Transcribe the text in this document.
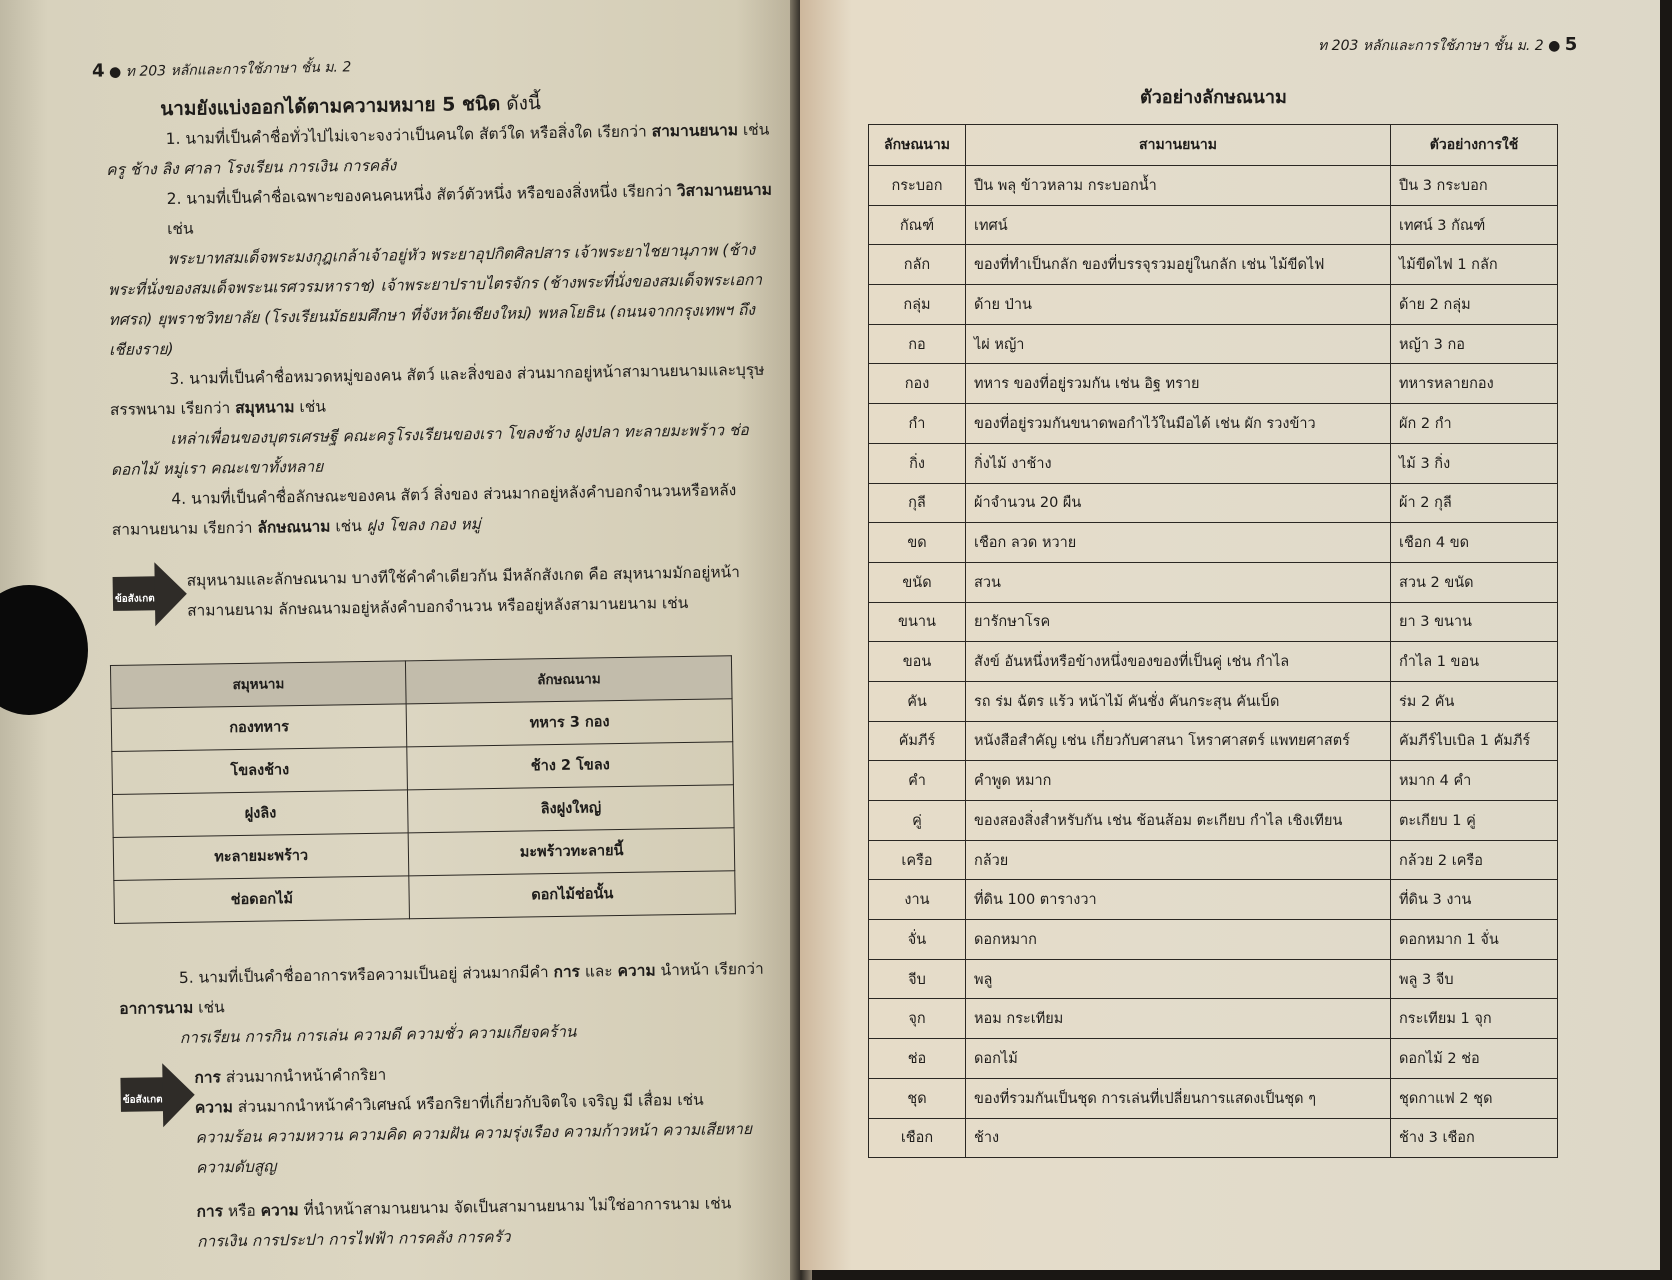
4 ● ท 203 หลักและการใช้ภาษา ชั้น ม. 2

นามยังแบ่งออกได้ตามความหมาย 5 ชนิด ดังนี้

1. นามที่เป็นคำชื่อทั่วไปไม่เจาะจงว่าเป็นคนใด สัตว์ใด หรือสิ่งใด เรียกว่า สามานยนาม เช่น

ครู ช้าง ลิง ศาลา โรงเรียน การเงิน การคลัง

2. นามที่เป็นคำชื่อเฉพาะของคนคนหนึ่ง สัตว์ตัวหนึ่ง หรือของสิ่งหนึ่ง เรียกว่า วิสามานยนาม เช่น

พระบาทสมเด็จพระมงกุฎเกล้าเจ้าอยู่หัว พระยาอุปกิตศิลปสาร เจ้าพระยาไชยานุภาพ (ช้างพระที่นั่งของสมเด็จพระนเรศวรมหาราช) เจ้าพระยาปราบไตรจักร (ช้างพระที่นั่งของสมเด็จพระเอกาทศรถ) ยุพราชวิทยาลัย (โรงเรียนมัธยมศึกษา ที่จังหวัดเชียงใหม่) พหลโยธิน (ถนนจากกรุงเทพฯ ถึงเชียงราย)

3. นามที่เป็นคำชื่อหมวดหมู่ของคน สัตว์ และสิ่งของ ส่วนมากอยู่หน้าสามานยนามและบุรุษสรรพนาม เรียกว่า สมุหนาม เช่น

เหล่าเพื่อนของบุตรเศรษฐี คณะครูโรงเรียนของเรา โขลงช้าง ฝูงปลา ทะลายมะพร้าว ช่อดอกไม้ หมู่เรา คณะเขาทั้งหลาย

4. นามที่เป็นคำชื่อลักษณะของคน สัตว์ สิ่งของ ส่วนมากอยู่หลังคำบอกจำนวนหรือหลังสามานยนาม เรียกว่า ลักษณนาม เช่น ฝูง โขลง กอง หมู่

ข้อสังเกต

สมุหนามและลักษณนาม บางทีใช้คำคำเดียวกัน มีหลักสังเกต คือ สมุหนามมักอยู่หน้าสามานยนาม ลักษณนามอยู่หลังคำบอกจำนวน หรืออยู่หลังสามานยนาม เช่น

สมุหนาม	ลักษณนาม
กองทหาร	ทหาร 3 กอง
โขลงช้าง	ช้าง 2 โขลง
ฝูงลิง	ลิงฝูงใหญ่
ทะลายมะพร้าว	มะพร้าวทะลายนี้
ช่อดอกไม้	ดอกไม้ช่อนั้น

5. นามที่เป็นคำชื่ออาการหรือความเป็นอยู่ ส่วนมากมีคำ การ และ ความ นำหน้า เรียกว่า อาการนาม เช่น

การเรียน การกิน การเล่น ความดี ความชั่ว ความเกียจคร้าน

ข้อสังเกต

การ ส่วนมากนำหน้าคำกริยา

ความ ส่วนมากนำหน้าคำวิเศษณ์ หรือกริยาที่เกี่ยวกับจิตใจ เจริญ มี เสื่อม เช่น

ความร้อน ความหวาน ความคิด ความฝัน ความรุ่งเรือง ความก้าวหน้า ความเสียหาย ความดับสูญ

การ หรือ ความ ที่นำหน้าสามานยนาม จัดเป็นสามานยนาม ไม่ใช่อาการนาม เช่น

การเงิน การประปา การไฟฟ้า การคลัง การครัว

ท 203 หลักและการใช้ภาษา ชั้น ม. 2 ● 5
ตัวอย่างลักษณนาม
ลักษณนาม	สามานยนาม	ตัวอย่างการใช้
กระบอก	ปืน พลุ ข้าวหลาม กระบอกน้ำ	ปืน 3 กระบอก
กัณฑ์	เทศน์	เทศน์ 3 กัณฑ์
กลัก	ของที่ทำเป็นกลัก ของที่บรรจุรวมอยู่ในกลัก เช่น ไม้ขีดไฟ	ไม้ขีดไฟ 1 กลัก
กลุ่ม	ด้าย ป่าน	ด้าย 2 กลุ่ม
กอ	ไผ่ หญ้า	หญ้า 3 กอ
กอง	ทหาร ของที่อยู่รวมกัน เช่น อิฐ ทราย	ทหารหลายกอง
กำ	ของที่อยู่รวมกันขนาดพอกำไว้ในมือได้ เช่น ผัก รวงข้าว	ผัก 2 กำ
กิ่ง	กิ่งไม้ งาช้าง	ไม้ 3 กิ่ง
กุลี	ผ้าจำนวน 20 ผืน	ผ้า 2 กุลี
ขด	เชือก ลวด หวาย	เชือก 4 ขด
ขนัด	สวน	สวน 2 ขนัด
ขนาน	ยารักษาโรค	ยา 3 ขนาน
ขอน	สังข์ อันหนึ่งหรือข้างหนึ่งของของที่เป็นคู่ เช่น กำไล	กำไล 1 ขอน
คัน	รถ ร่ม ฉัตร แร้ว หน้าไม้ คันชั่ง คันกระสุน คันเบ็ด	ร่ม 2 คัน
คัมภีร์	หนังสือสำคัญ เช่น เกี่ยวกับศาสนา โหราศาสตร์ แพทยศาสตร์	คัมภีร์ไบเบิล 1 คัมภีร์
คำ	คำพูด หมาก	หมาก 4 คำ
คู่	ของสองสิ่งสำหรับกัน เช่น ช้อนส้อม ตะเกียบ กำไล เชิงเทียน	ตะเกียบ 1 คู่
เครือ	กล้วย	กล้วย 2 เครือ
งาน	ที่ดิน 100 ตารางวา	ที่ดิน 3 งาน
จั่น	ดอกหมาก	ดอกหมาก 1 จั่น
จีบ	พลู	พลู 3 จีบ
จุก	หอม กระเทียม	กระเทียม 1 จุก
ช่อ	ดอกไม้	ดอกไม้ 2 ช่อ
ชุด	ของที่รวมกันเป็นชุด การเล่นที่เปลี่ยนการแสดงเป็นชุด ๆ	ชุดกาแฟ 2 ชุด
เชือก	ช้าง	ช้าง 3 เชือก
